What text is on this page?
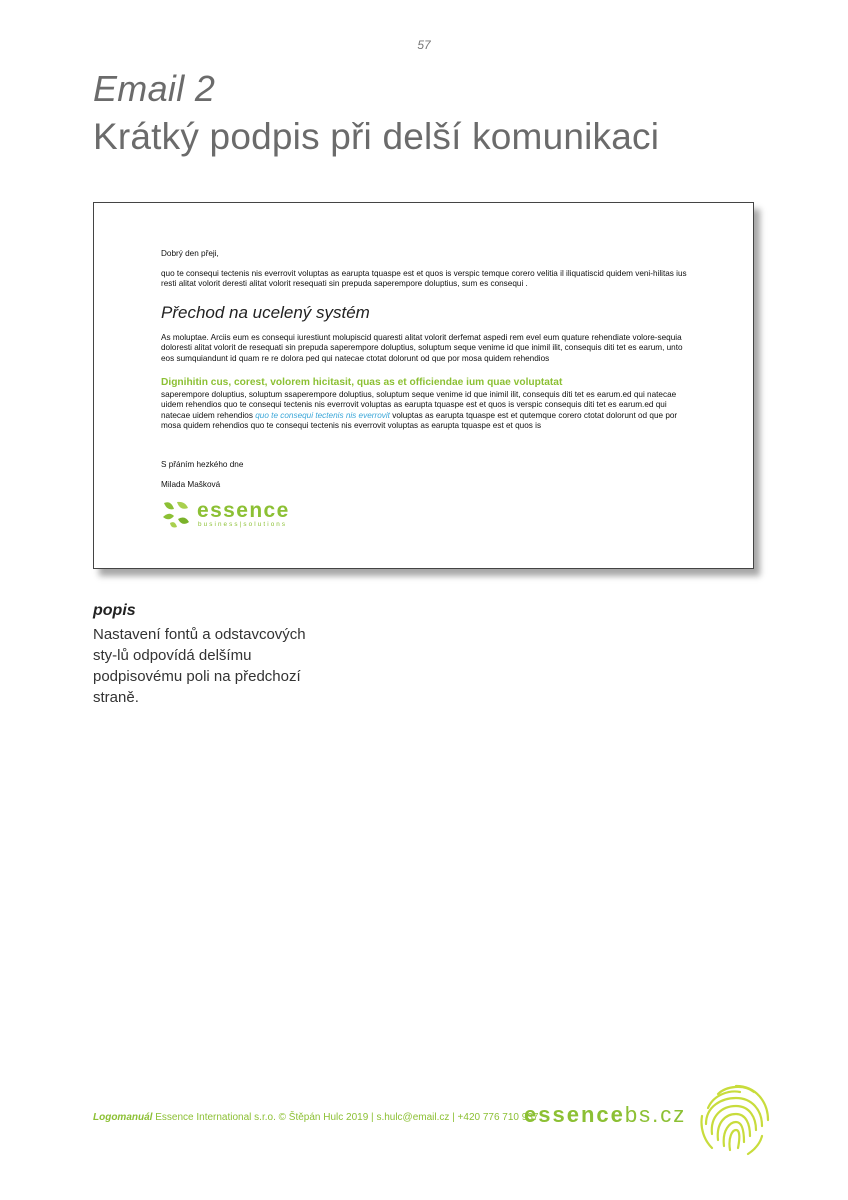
57
Email 2
Krátký podpis při delší komunikaci

Dobrý den přeji,

quo te consequi tectenis nis everrovit voluptas as earupta tquaspe est et quos is verspic temque corero velitia il iliquatiscid quidem veni-hilitas ius resti alitat volorit deresti alitat volorit resequati sin prepuda saperempore doluptius, sum es consequi .

Přechod na ucelený systém

As moluptae. Arciis eum es consequi iurestiunt molupiscid quaresti alitat volorit derfemat aspedi rem evel eum quature rehendiate volore-sequia doloresti alitat volorit de resequati sin prepuda saperempore doluptius, soluptum seque venime id que inimil ilit, consequis diti tet es earum, unto eos sumquiandunt id quam re re dolora ped qui natecae ctotat dolorunt od que por mosa quidem rehendios

Dignihitin cus, corest, volorem hicitasit, quas as et officiendae ium quae voluptatat

saperempore doluptius, soluptum ssaperempore doluptius, soluptum seque venime id que inimil ilit, consequis diti tet es earum.ed qui natecae uidem rehendios quo te consequi tectenis nis everrovit voluptas as earupta tquaspe est et quos is verspic consequis diti tet es earum.ed qui natecae uidem rehendios quo te consequi tectenis nis everrovit voluptas as earupta tquaspe est et qutemque corero ctotat dolorunt od que por mosa quidem rehendios quo te consequi tectenis nis everrovit voluptas as earupta tquaspe est et quos is

S přáním hezkého dne

Milada Mašková

essence
business|solutions
popis
Nastavení fontů a odstavcových sty-lů odpovídá delšímu podpisovému poli na předchozí straně.
Logomanuál Essence International s.r.o. © Štěpán Hulc 2019 | s.hulc@email.cz | +420 776 710 937
essencebs.cz
